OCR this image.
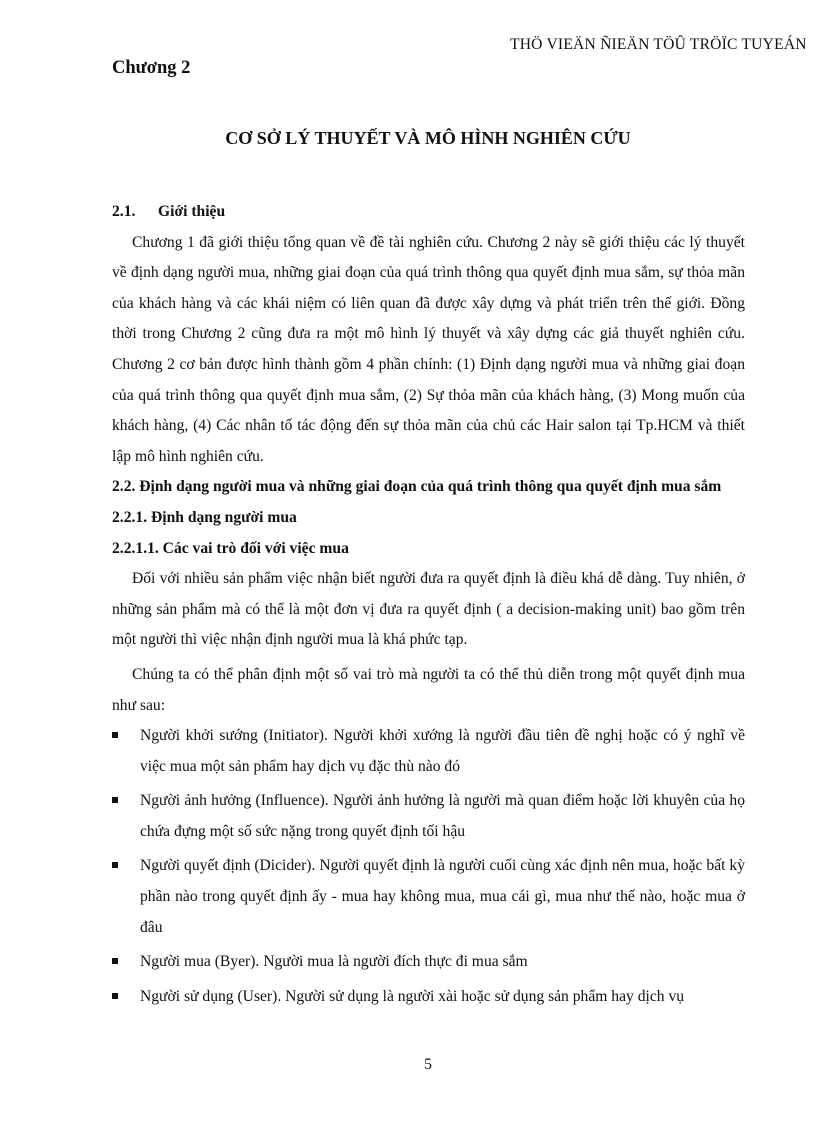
THÖ VIEÄN ÑIEÄN TÖÛ TRÖÏC TUYEÁN
Chương 2
CƠ SỞ LÝ THUYẾT VÀ MÔ HÌNH NGHIÊN CỨU

2.1. Giới thiệu

Chương 1 đã giới thiệu tổng quan về đề tài nghiên cứu. Chương 2 này sẽ giới thiệu các lý thuyết về định dạng người mua, những giai đoạn của quá trình thông qua quyết định mua sắm, sự thỏa mãn của khách hàng và các khái niệm có liên quan đã được xây dựng và phát triển trên thế giới. Đồng thời trong Chương 2 cũng đưa ra một mô hình lý thuyết và xây dựng các giả thuyết nghiên cứu. Chương 2 cơ bản được hình thành gồm 4 phần chính: (1) Định dạng người mua và những giai đoạn của quá trình thông qua quyết định mua sắm, (2) Sự thỏa mãn của khách hàng, (3) Mong muốn của khách hàng, (4) Các nhân tố tác động đến sự thỏa mãn của chủ các Hair salon tại Tp.HCM và thiết lập mô hình nghiên cứu.

2.2. Định dạng người mua và những giai đoạn của quá trình thông qua quyết định mua sắm

2.2.1. Định dạng người mua

2.2.1.1. Các vai trò đối với việc mua

Đối với nhiều sản phẩm việc nhận biết người đưa ra quyết định là điều khá dễ dàng. Tuy nhiên, ở những sản phẩm mà có thể là một đơn vị đưa ra quyết định ( a decision-making unit) bao gồm trên một người thì việc nhận định người mua là khá phức tạp.

Chúng ta có thể phân định một số vai trò mà người ta có thể thủ diễn trong một quyết định mua như sau:

Người khởi sướng (Initiator). Người khởi xướng là người đầu tiên đề nghị hoặc có ý nghĩ về việc mua một sản phẩm hay dịch vụ đặc thù nào đó
Người ảnh hưởng (Influence). Người ảnh hưởng là người mà quan điểm hoặc lời khuyên của họ chứa đựng một số sức nặng trong quyết định tối hậu
Người quyết định (Dicider). Người quyết định là người cuối cùng xác định nên mua, hoặc bất kỳ phần nào trong quyết định ấy - mua hay không mua, mua cái gì, mua như thế nào, hoặc mua ở đâu
Người mua (Byer). Người mua là người đích thực đi mua sắm
Người sử dụng (User). Người sử dụng là người xài hoặc sử dụng sản phẩm hay dịch vụ
5
